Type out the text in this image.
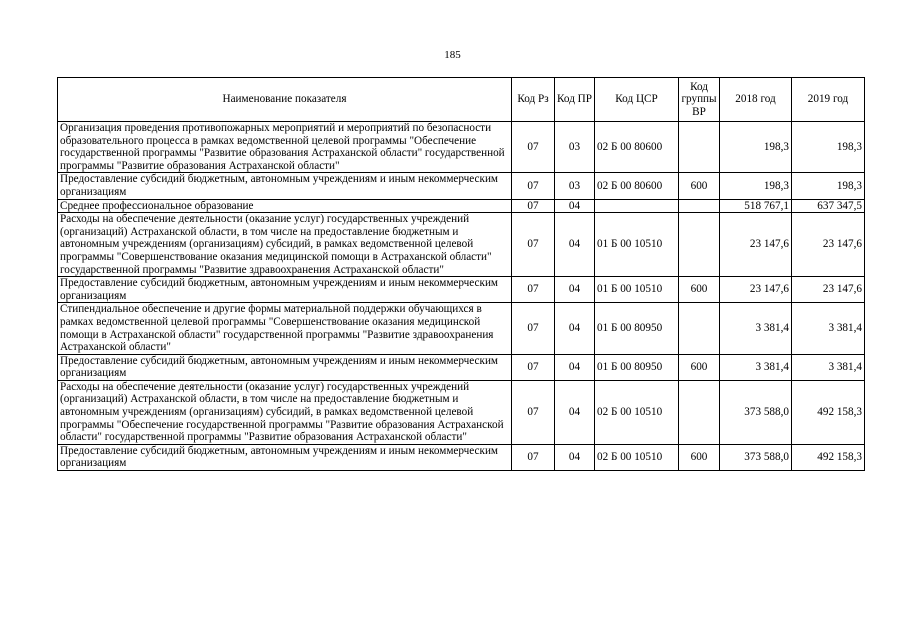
185
Наименование показателя	Код Рз	Код ПР	Код ЦСР	Код группы ВР	2018 год	2019 год
Организация проведения противопожарных мероприятий и мероприятий по безопасности образовательного процесса в рамках ведомственной целевой программы "Обеспечение государственной программы "Развитие образования Астраханской области" государственной программы "Развитие образования Астраханской области"	07	03	02 Б 00 80600		198,3	198,3
Предоставление субсидий бюджетным, автономным учреждениям и иным некоммерческим организациям	07	03	02 Б 00 80600	600	198,3	198,3
Среднее профессиональное образование	07	04			518 767,1	637 347,5
Расходы на обеспечение деятельности (оказание услуг) государственных учреждений (организаций) Астраханской области, в том числе на предоставление бюджетным и автономным учреждениям (организациям) субсидий, в рамках ведомственной целевой программы "Совершенствование оказания медицинской помощи в Астраханской области" государственной программы "Развитие здравоохранения Астраханской области"	07	04	01 Б 00 10510		23 147,6	23 147,6
Предоставление субсидий бюджетным, автономным учреждениям и иным некоммерческим организациям	07	04	01 Б 00 10510	600	23 147,6	23 147,6
Стипендиальное обеспечение и другие формы материальной поддержки обучающихся в рамках ведомственной целевой программы "Совершенствование оказания медицинской помощи в Астраханской области" государственной программы "Развитие здравоохранения Астраханской области"	07	04	01 Б 00 80950		3 381,4	3 381,4
Предоставление субсидий бюджетным, автономным учреждениям и иным некоммерческим организациям	07	04	01 Б 00 80950	600	3 381,4	3 381,4
Расходы на обеспечение деятельности (оказание услуг) государственных учреждений (организаций) Астраханской области, в том числе на предоставление бюджетным и автономным учреждениям (организациям) субсидий, в рамках ведомственной целевой программы "Обеспечение государственной программы "Развитие образования Астраханской области" государственной программы "Развитие образования Астраханской области"	07	04	02 Б 00 10510		373 588,0	492 158,3
Предоставление субсидий бюджетным, автономным учреждениям и иным некоммерческим организациям	07	04	02 Б 00 10510	600	373 588,0	492 158,3
